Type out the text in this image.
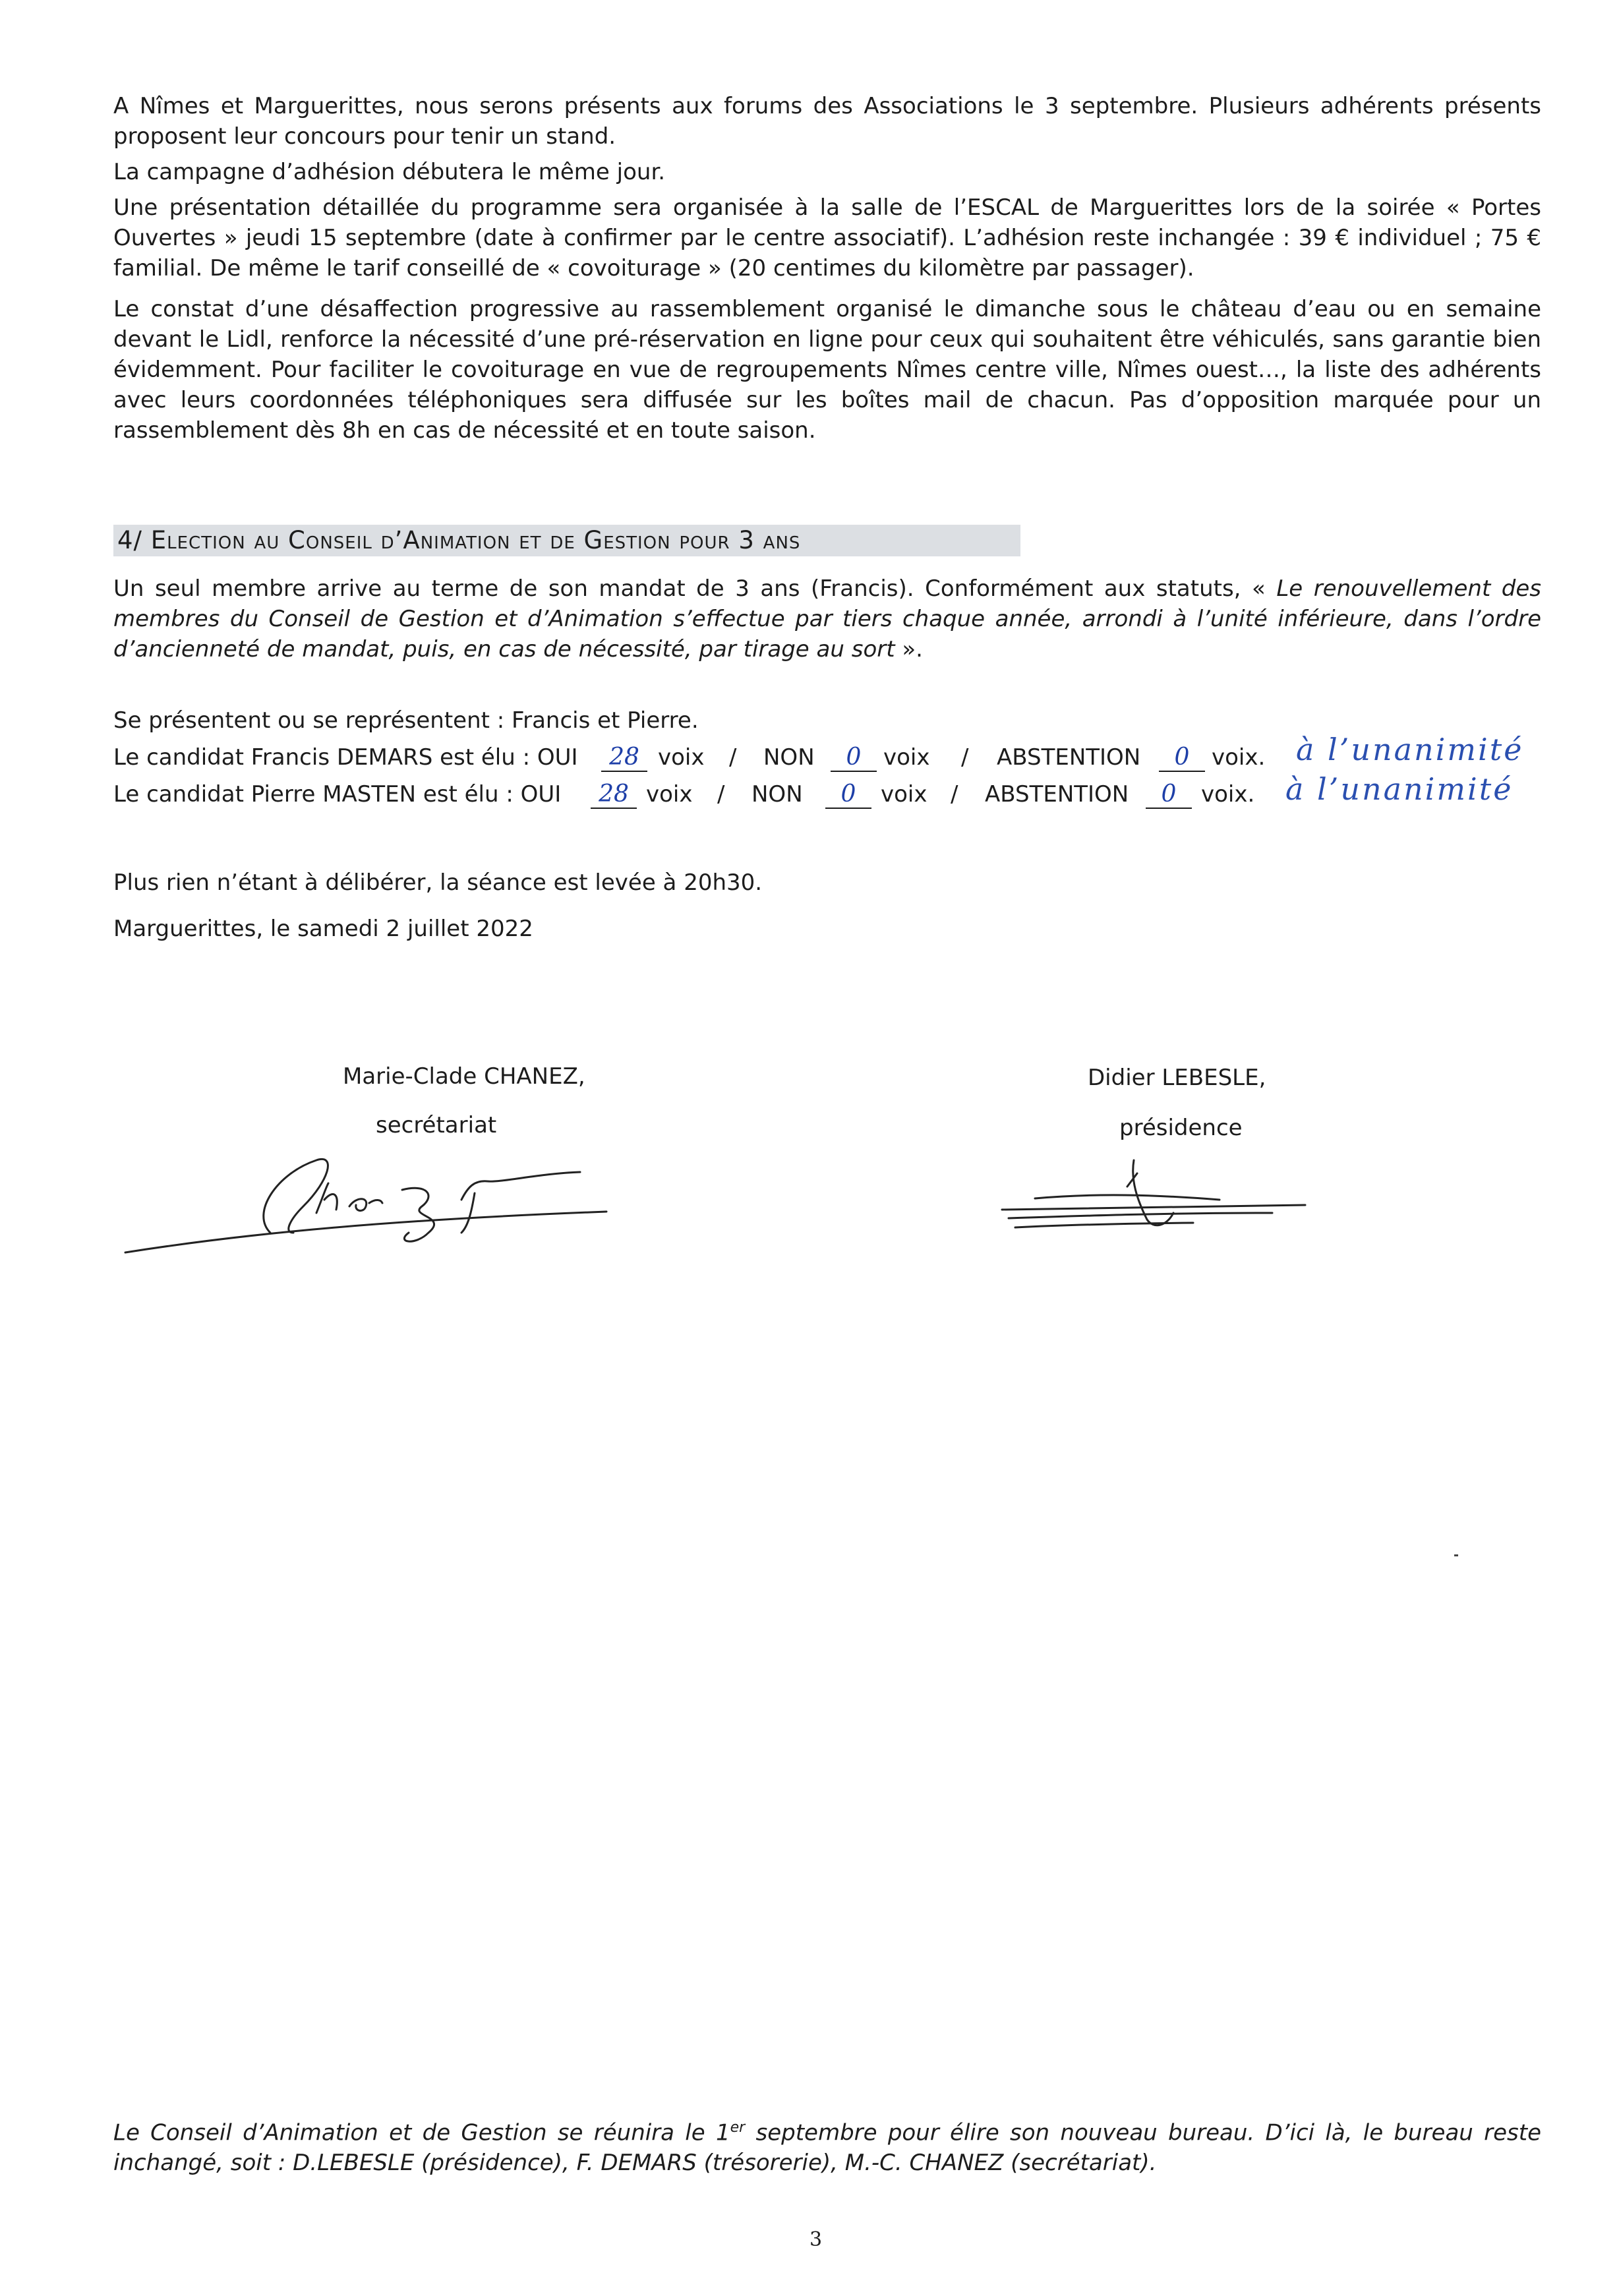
A Nîmes et Marguerittes, nous serons présents aux forums des Associations le 3 septembre. Plusieurs adhérents présents proposent leur concours pour tenir un stand.
La campagne d’adhésion débutera le même jour.
Une présentation détaillée du programme sera organisée à la salle de l’ESCAL de Marguerittes lors de la soirée « Portes Ouvertes » jeudi 15 septembre (date à confirmer par le centre associatif). L’adhésion reste inchangée : 39 € individuel ; 75 € familial. De même le tarif conseillé de « covoiturage » (20 centimes du kilomètre par passager).
Le constat d’une désaffection progressive au rassemblement organisé le dimanche sous le château d’eau ou en semaine devant le Lidl, renforce la nécessité d’une pré-réservation en ligne pour ceux qui souhaitent être véhiculés, sans garantie bien évidemment. Pour faciliter le covoiturage en vue de regroupements Nîmes centre ville, Nîmes ouest…, la liste des adhérents avec leurs coordonnées téléphoniques sera diffusée sur les boîtes mail de chacun. Pas d’opposition marquée pour un rassemblement dès 8h en cas de nécessité et en toute saison.
4/ Election au Conseil d’Animation et de Gestion pour 3 ans
Un seul membre arrive au terme de son mandat de 3 ans (Francis). Conformément aux statuts, « Le renouvellement des membres du Conseil de Gestion et d’Animation s’effectue par tiers chaque année, arrondi à l’unité inférieure, dans l’ordre d’ancienneté de mandat, puis, en cas de nécessité, par tirage au sort ».
Se présentent ou se représentent : Francis et Pierre.
Le candidat Francis DEMARS est élu : OUI	28 voix / NON	0 voix / ABSTENTION	0 voix. à l’unanimité
Le candidat Pierre MASTEN est élu : OUI	28 voix / NON	0	voix / ABSTENTION	0	voix. à l’unanimité
Plus rien n’étant à délibérer, la séance est levée à 20h30.
Marguerittes, le samedi 2 juillet 2022
Marie-Clade CHANEZ,
secrétariat
Didier LEBESLE,
présidence
Le Conseil d’Animation et de Gestion se réunira le 1er septembre pour élire son nouveau bureau. D’ici là, le bureau reste inchangé, soit : D.LEBESLE (présidence), F. DEMARS (trésorerie), M.-C. CHANEZ (secrétariat).
3
